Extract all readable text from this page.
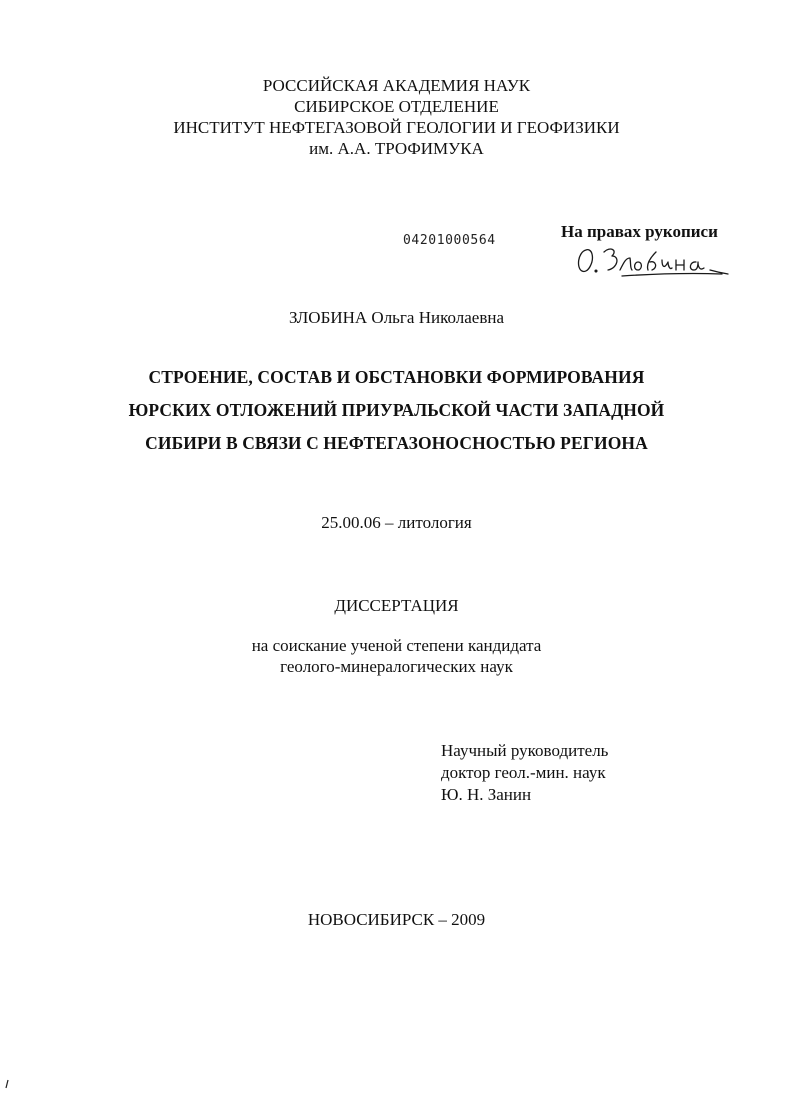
РОССИЙСКАЯ АКАДЕМИЯ НАУК
СИБИРСКОЕ ОТДЕЛЕНИЕ
ИНСТИТУТ НЕФТЕГАЗОВОЙ ГЕОЛОГИИ И ГЕОФИЗИКИ
им. А.А. ТРОФИМУКА
04201000564	На правах рукописи
ЗЛОБИНА Ольга Николаевна
СТРОЕНИЕ, СОСТАВ И ОБСТАНОВКИ ФОРМИРОВАНИЯ
ЮРСКИХ ОТЛОЖЕНИЙ ПРИУРАЛЬСКОЙ ЧАСТИ ЗАПАДНОЙ
СИБИРИ В СВЯЗИ С НЕФТЕГАЗОНОСНОСТЬЮ РЕГИОНА
25.00.06 – литология
ДИССЕРТАЦИЯ
на соискание ученой степени кандидата
геолого-минералогических наук
Научный руководитель
доктор геол.-мин. наук
Ю. Н. Занин
НОВОСИБИРСК – 2009
